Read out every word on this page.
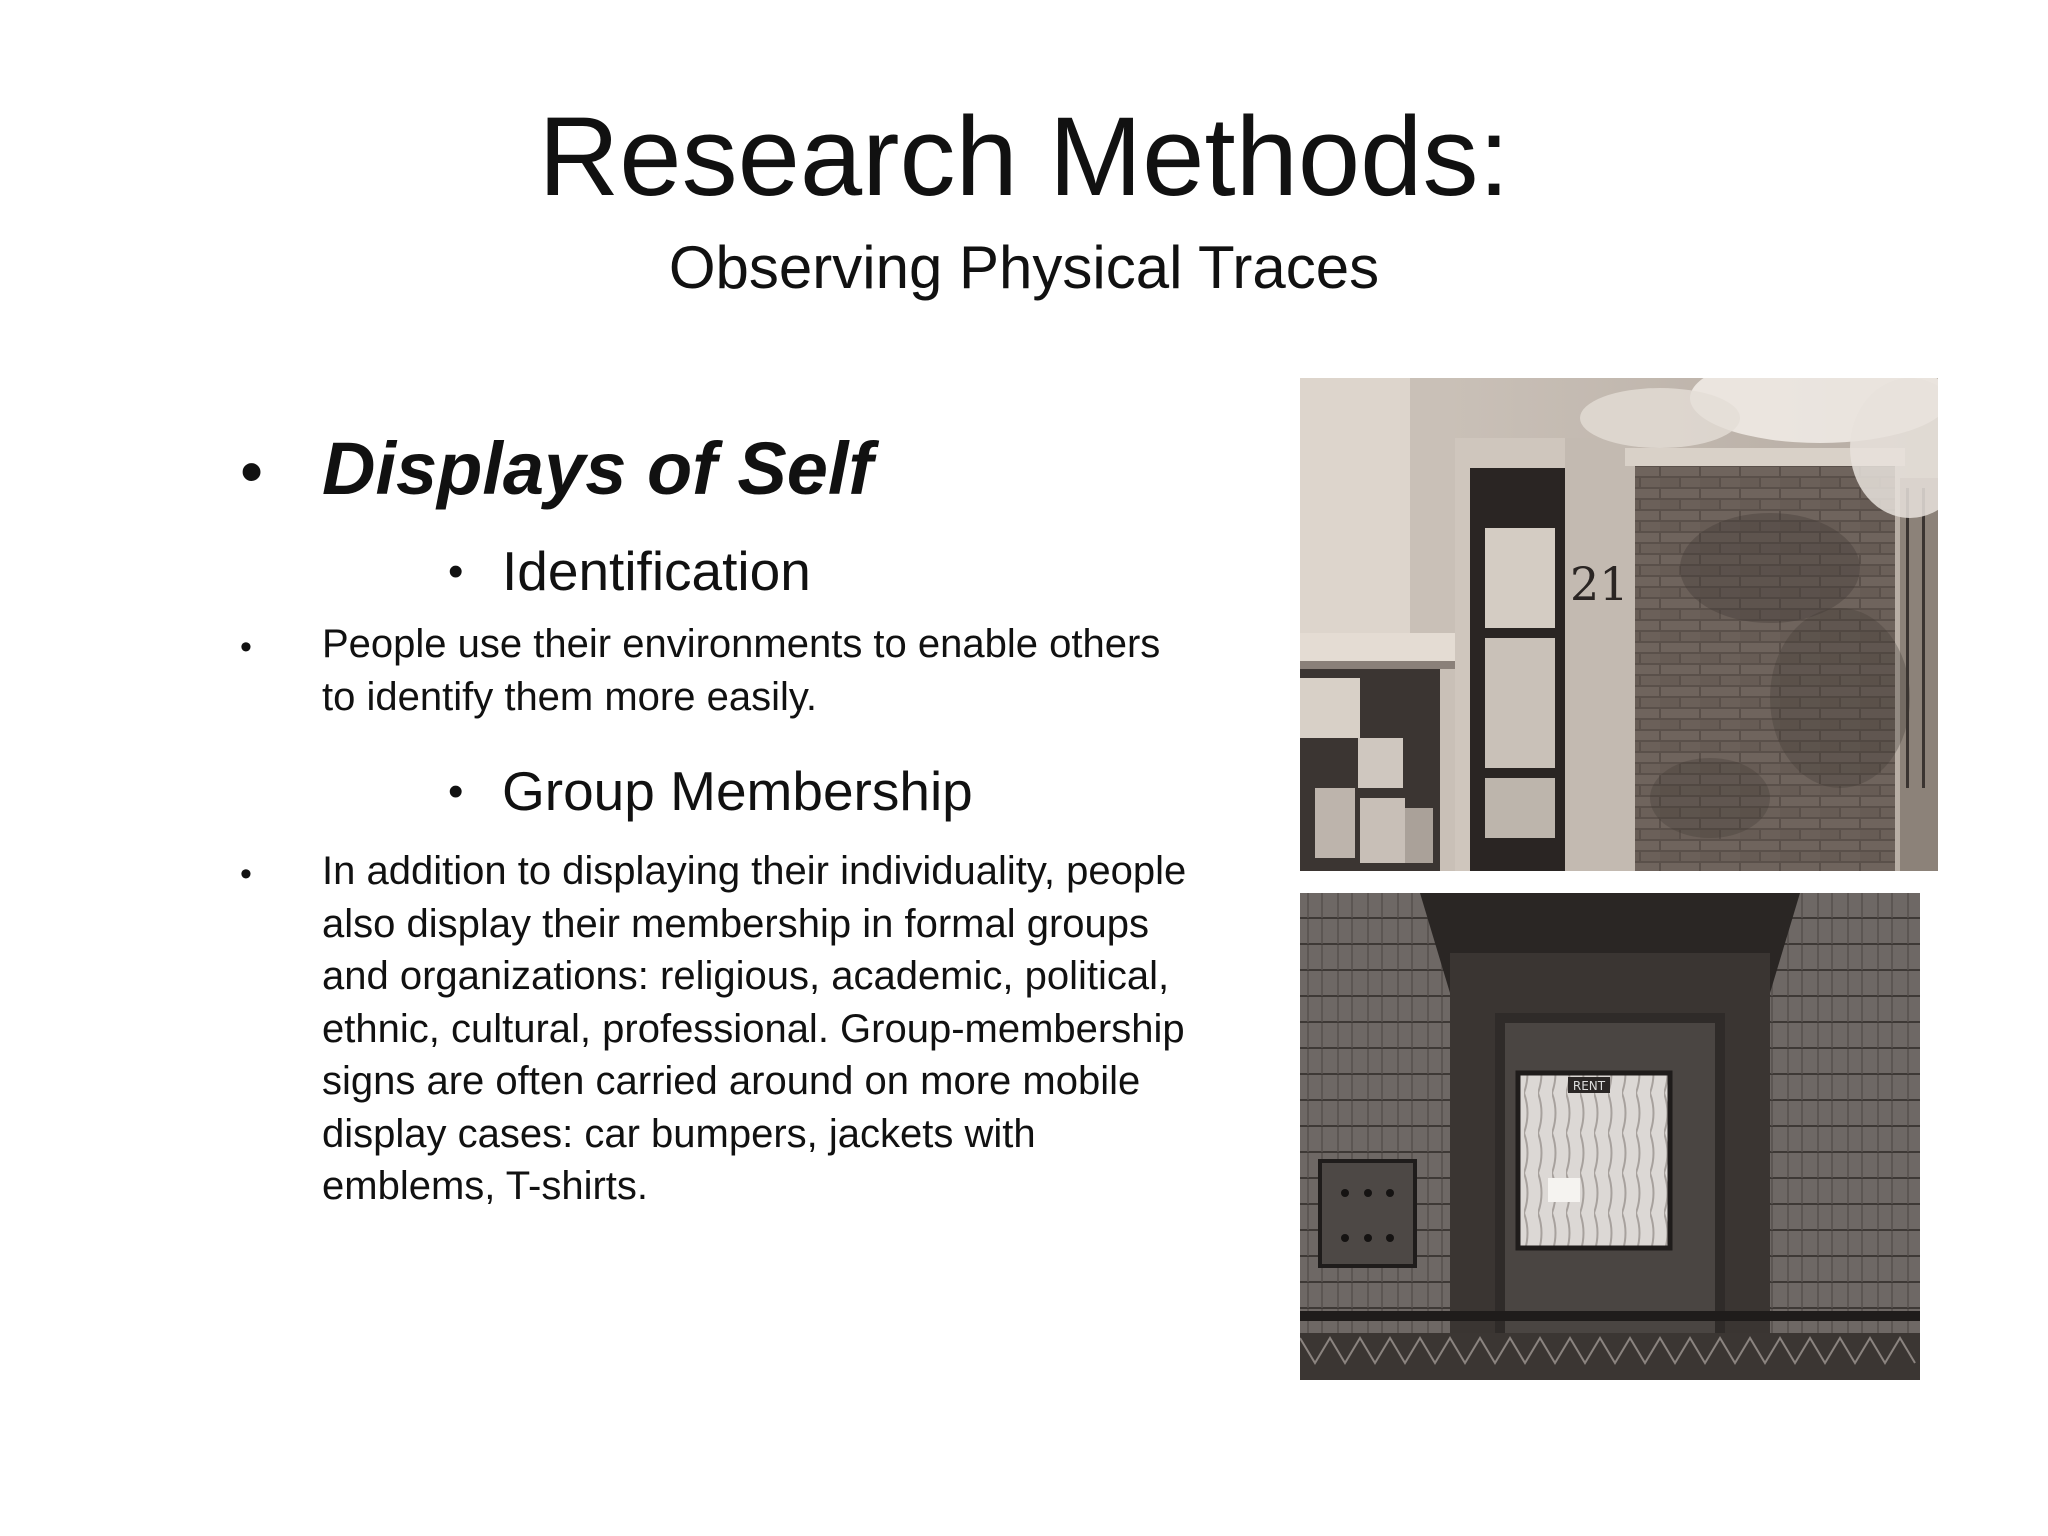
Research Methods:
Observing Physical Traces
• Displays of Self
• Identification
• People use their environments to enable others to identify them more easily.

• Group Membership
• In addition to displaying their individuality, people also display their membership in formal groups and organizations: religious, academic, political, ethnic, cultural, professional. Group-membership signs are often carried around on more mobile display cases: car bumpers, jackets with emblems, T-shirts.

21
RENT
